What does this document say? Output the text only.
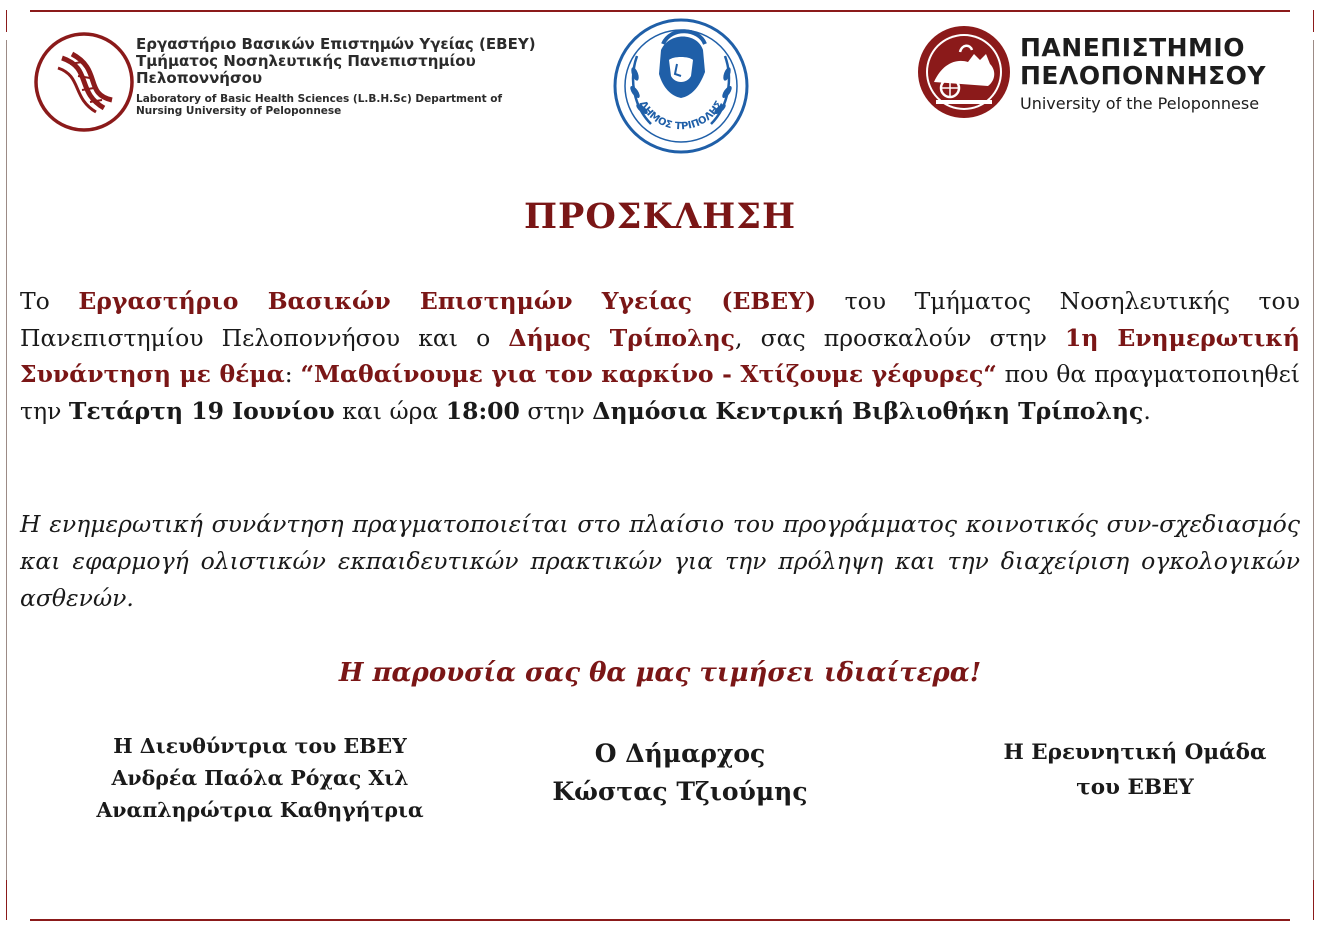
Εργαστήριο Βασικών Επιστημών Υγείας (ΕΒΕΥ)
Τμήματος Νοσηλευτικής Πανεπιστημίου
Πελοποννήσου
Laboratory of Basic Health Sciences (L.B.H.Sc) Department of
Nursing University of Peloponnese	ΔΗΜΟΣ ΤΡΙΠΟΛΗΣ
ΠΑΝΕΠΙΣΤΗΜΙΟ
ΠΕΛΟΠΟΝΝΗΣΟΥ
University of the Peloponnese
ΠΡΟΣΚΛΗΣΗ
Το Εργαστήριο Βασικών Επιστημών Υγείας (ΕΒΕΥ) του Τμήματος Νοσηλευτικής του Πανεπιστημίου Πελοποννήσου και ο Δήμος Τρίπολης, σας προσκαλούν στην 1η Ενημερωτική Συνάντηση με θέμα: “Μαθαίνουμε για τον καρκίνο - Χτίζουμε γέφυρες“ που θα πραγματοποιηθεί την Τετάρτη 19 Ιουνίου και ώρα 18:00 στην Δημόσια Κεντρική Βιβλιοθήκη Τρίπολης.
Η ενημερωτική συνάντηση πραγματοποιείται στο πλαίσιο του προγράμματος κοινοτικός συν-σχεδιασμός και εφαρμογή ολιστικών εκπαιδευτικών πρακτικών για την πρόληψη και την διαχείριση ογκολογικών ασθενών.
Η παρουσία σας θα μας τιμήσει ιδιαίτερα!
Η Διευθύντρια του ΕΒΕΥ
Ανδρέα Παόλα Ρόχας Χιλ
Αναπληρώτρια Καθηγήτρια
Ο Δήμαρχος
Κώστας Τζιούμης
Η Ερευνητική Ομάδα
του ΕΒΕΥ
